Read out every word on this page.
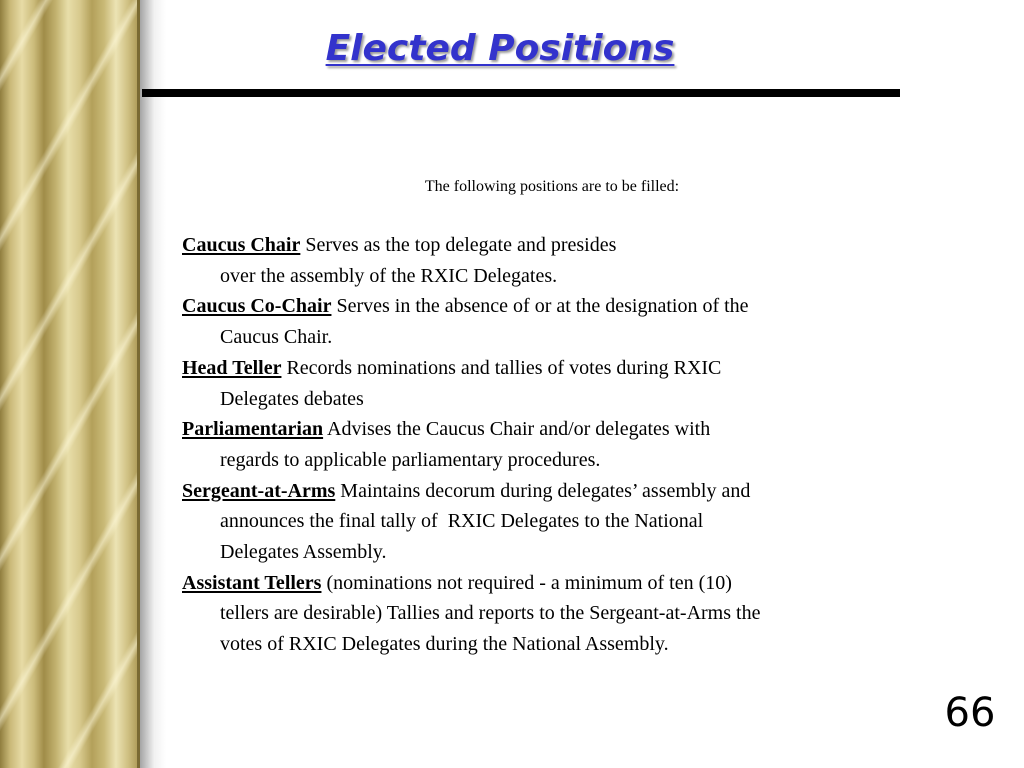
Elected Positions
The following positions are to be filled:

Caucus Chair Serves as the top delegate and presides
over the assembly of the RXIC Delegates.

Caucus Co-Chair Serves in the absence of or at the designation of the
Caucus Chair.

Head Teller Records nominations and tallies of votes during RXIC
Delegates debates

Parliamentarian Advises the Caucus Chair and/or delegates with
regards to applicable parliamentary procedures.

Sergeant-at-Arms Maintains decorum during delegates’ assembly and
announces the final tally of  RXIC Delegates to the National
Delegates Assembly.

Assistant Tellers (nominations not required - a minimum of ten (10)
tellers are desirable) Tallies and reports to the Sergeant-at-Arms the
votes of RXIC Delegates during the National Assembly.

66
